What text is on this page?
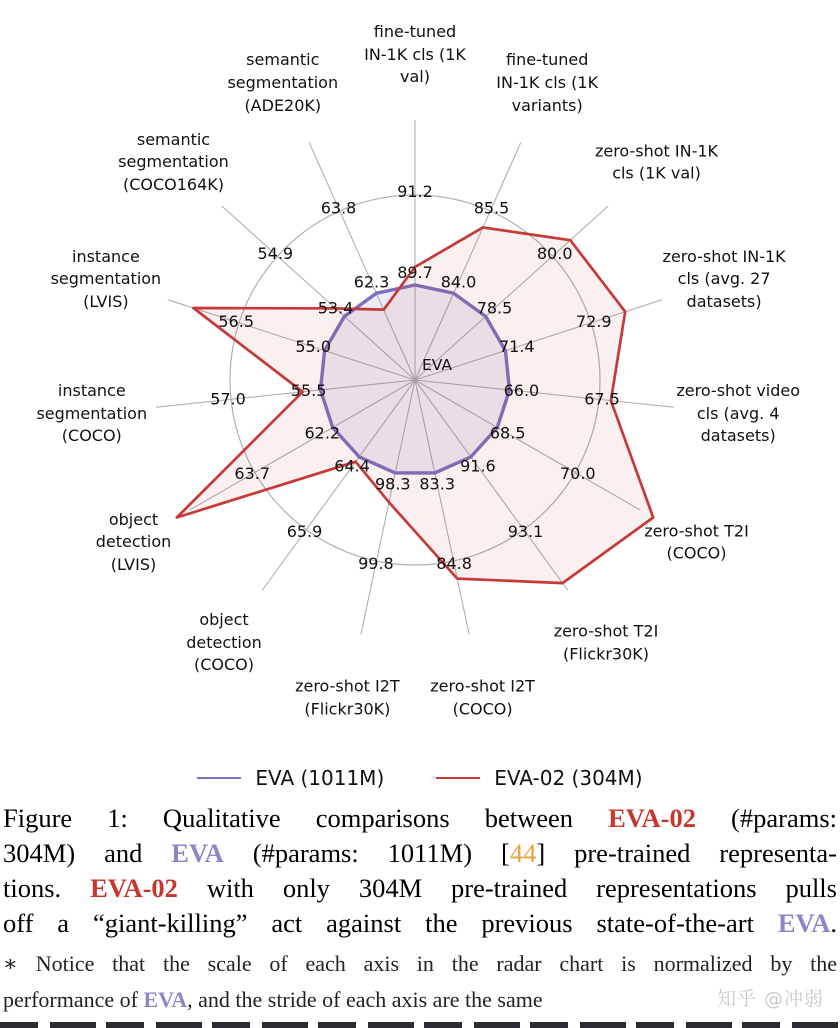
89.7
91.2
84.0
85.5
78.5
80.0
71.4
72.9
66.0	67.5
68.5
70.0
91.6
93.1
83.3
84.8
98.3
99.8
64.4
65.9
62.2
63.7
55.5
57.0
55.0
56.5
53.4
54.9
62.3
63.8
EVA
fine-tuned
IN-1K cls (1K
val)
fine-tuned
IN-1K cls (1K
variants)
zero-shot IN-1K
cls (1K val)
zero-shot IN-1K
cls (avg. 27
datasets)
zero-shot video
cls (avg. 4
datasets)
zero-shot T2I
(COCO)
zero-shot T2I
(Flickr30K)
zero-shot I2T
(COCO)
zero-shot I2T
(Flickr30K)
object
detection
(COCO)
object
detection
(LVIS)
instance
segmentation
(COCO)
instance
segmentation
(LVIS)
semantic
segmentation
(COCO164K)
semantic
segmentation
(ADE20K)
EVA (1011M)	EVA-02 (304M)
Figure 1: Qualitative comparisons between EVA-02 (#params:
304M) and EVA (#params: 1011M) [44] pre-trained representa-
tions. EVA-02 with only 304M pre-trained representations pulls
off a “giant-killing” act against the previous state-of-the-art EVA.
∗ Notice that the scale of each axis in the radar chart is normalized by the
performance of EVA, and the stride of each axis are the same	知乎 @冲弱
